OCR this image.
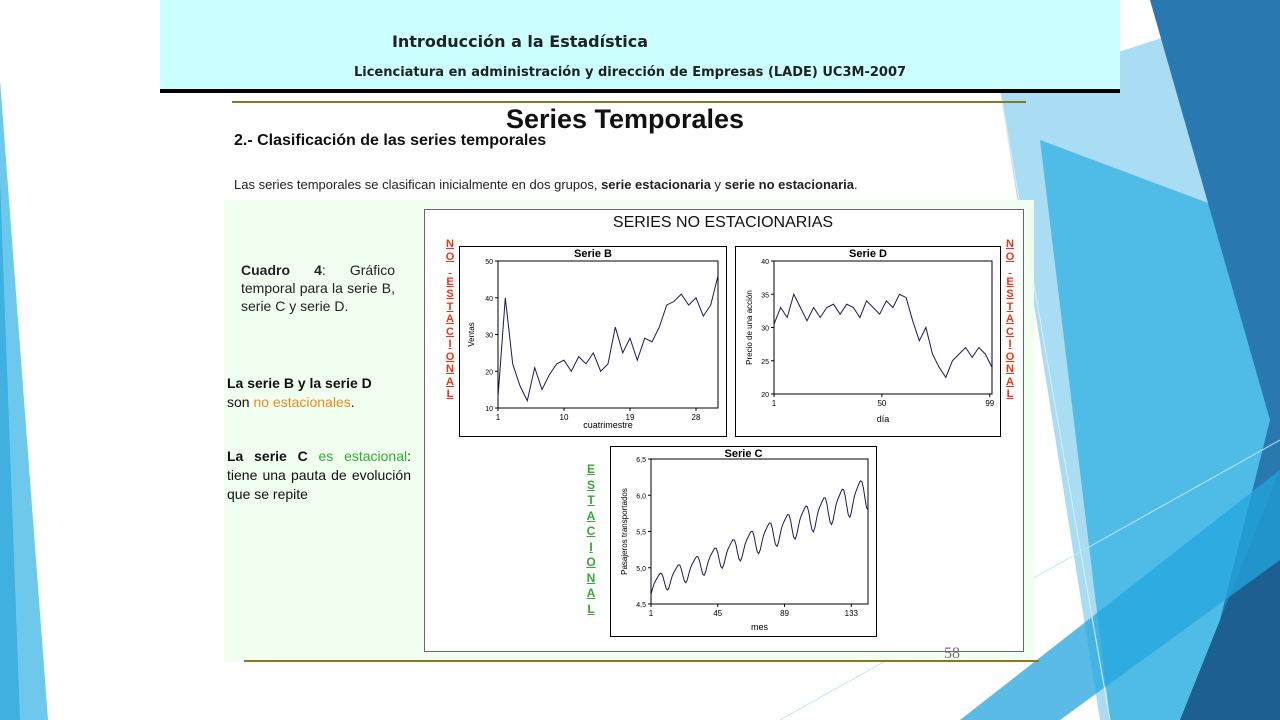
Introducción a la Estadística
Licenciatura en administración y dirección de Empresas (LADE) UC3M-2007
Series Temporales
2.- Clasificación de las series temporales
Las series temporales se clasifican inicialmente en dos grupos, serie estacionaria y serie no estacionaria.
Cuadro 4: Gráfico temporal para la serie B, serie C y serie D.
La serie B y la serie D
son no estacionales.
La serie C es estacional: tiene una pauta de evolución que se repite
SERIES NO ESTACIONARIAS
N
O

E
S
T
A
C
I
O
N
A
L
N
O

E
S
T
A
C
I
O
N
A
L
E
S
T
A
C
I
O
N
A
L
Serie B
10
20
30
40
50
1	10	19	28
cuatrimestre
Ventas
Serie D
20
25
30
35
40
1	50	99
día
Precio de una acción
Serie C
4,5
5,0
5,5
6,0
6,5
1	45	89	133
mes
Pasajeros transportados
58
